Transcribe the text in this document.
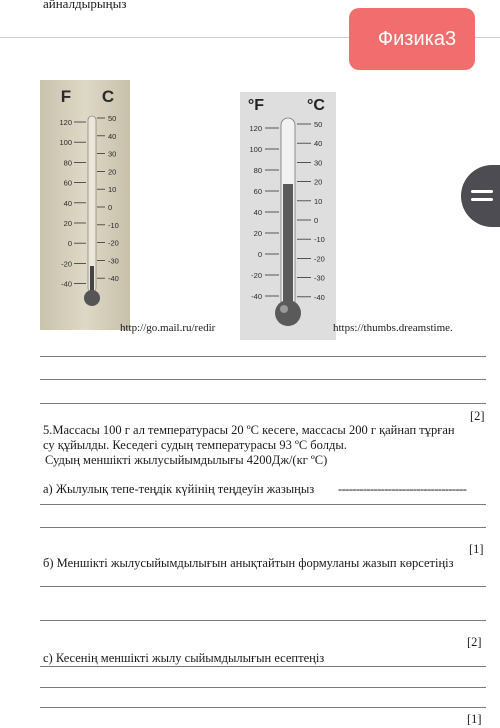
айналдырыңыз
Физика3
F C
120
100
80
60
40
20
0
-20
-40
50
40
30
20
10
0
-10
-20
-30
-40
°F	°C
120
100
80
60
40
20
0
-20
-40
50
40
30
20
10
0
-10
-20
-30
-40
http://go.mail.ru/redir	https://thumbs.dreamstime.
[2]
5.Массасы 100 г ал температурасы 20 ºС кесеге, массасы 200 г қайнап тұрған
су құйылды. Кеседегі судың температурасы 93 ºС болды.
Судың меншікті жылусыйымдылығы 4200Дж/(кг ºС)
а) Жылулық тепе-теңдік күйінің теңдеуін жазыңыз ------------------------------------
[1]
б) Меншікті жылусыйымдылығын анықтайтын формуланы жазып көрсетіңіз
[2]
с) Кесенің меншікті жылу сыйымдылығын есептеңіз
[1]
